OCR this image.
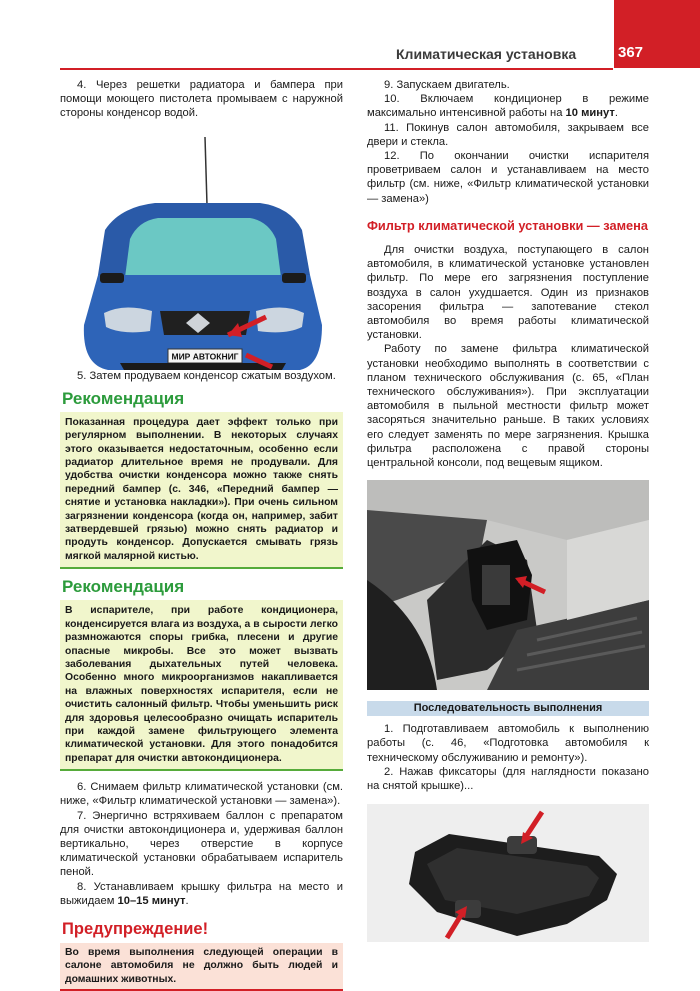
Климатическая установка	367

4. Через решетки радиатора и бампера при помощи моющего пистолета промываем с наружной стороны конденсор водой.

МИР АВТОКНИГ

5. Затем продуваем конденсор сжатым воздухом.

Рекомендация
Показанная процедура дает эффект только при регулярном выполнении. В некоторых случаях этого оказывается недостаточным, особенно если радиатор длительное время не продували. Для удобства очистки конденсора можно также снять передний бампер (с. 346, «Передний бампер — снятие и установка накладки»). При очень сильном загрязнении конденсора (когда он, например, забит затвердевшей грязью) можно снять радиатор и продуть конденсор. Допускается смывать грязь мягкой малярной кистью.
Рекомендация
В испарителе, при работе кондиционера, конденсируется влага из воздуха, а в сырости легко размножаются споры грибка, плесени и другие опасные микробы. Все это может вызвать заболевания дыхательных путей человека. Особенно много микроорганизмов накапливается на влажных поверхностях испарителя, если не очистить салонный фильтр. Чтобы уменьшить риск для здоровья целесообразно очищать испаритель при каждой замене фильтрующего элемента климатической установки. Для этого понадобится препарат для очистки автокондиционера.

6. Снимаем фильтр климатической установки (см. ниже, «Фильтр климатической установки — замена»).

7. Энергично встряхиваем баллон с препаратом для очистки автокондиционера и, удерживая баллон вертикально, через отверстие в корпусе климатической установки обрабатываем испаритель пеной.

8. Устанавливаем крышку фильтра на место и выжидаем 10–15 минут.

Предупреждение!
Во время выполнения следующей операции в салоне автомобиля не должно быть людей и домашних животных.

9. Запускаем двигатель.

10. Включаем кондиционер в режиме максимально интенсивной работы на 10 минут.

11. Покинув салон автомобиля, закрываем все двери и стекла.

12. По окончании очистки испарителя проветриваем салон и устанавливаем на место фильтр (см. ниже, «Фильтр климатической установки — замена»)

Фильтр климатической установки — замена

Для очистки воздуха, поступающего в салон автомобиля, в климатической установке установлен фильтр. По мере его загрязнения поступление воздуха в салон ухудшается. Один из признаков засорения фильтра — запотевание стекол автомобиля во время работы климатической установки.

Работу по замене фильтра климатической установки необходимо выполнять в соответствии с планом технического обслуживания (с. 65, «План технического обслуживания»). При эксплуатации автомобиля в пыльной местности фильтр может засоряться значительно раньше. В таких условиях его следует заменять по мере загрязнения. Крышка фильтра расположена с правой стороны центральной консоли, под вещевым ящиком.

Последовательность выполнения

1. Подготавливаем автомобиль к выполнению работы (с. 46, «Подготовка автомобиля к техническому обслуживанию и ремонту»).

2. Нажав фиксаторы (для наглядности показано на снятой крышке)...
